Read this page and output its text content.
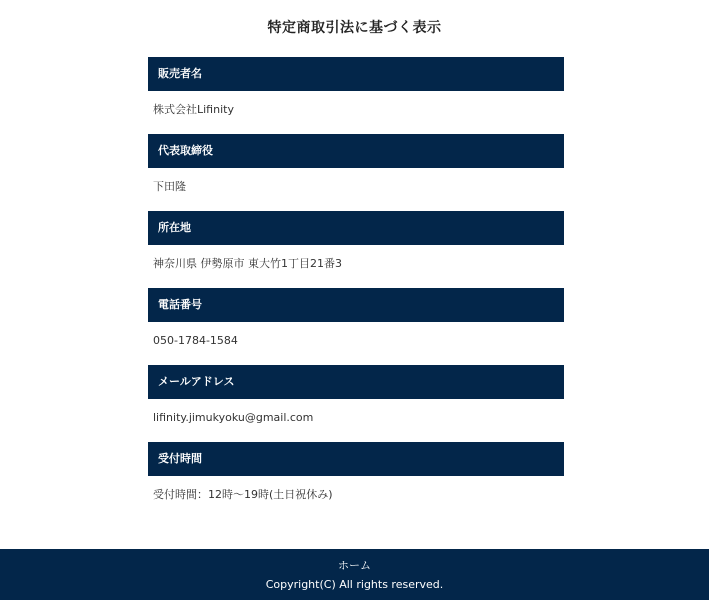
特定商取引法に基づく表示
販売者名
株式会社Lifinity
代表取締役
下田隆
所在地
神奈川県 伊勢原市 東大竹1丁目21番3
電話番号
050-1784-1584
メールアドレス
lifinity.jimukyoku@gmail.com
受付時間
受付時間：12時〜19時(土日祝休み)
ホーム
Copyright(C) All rights reserved.
